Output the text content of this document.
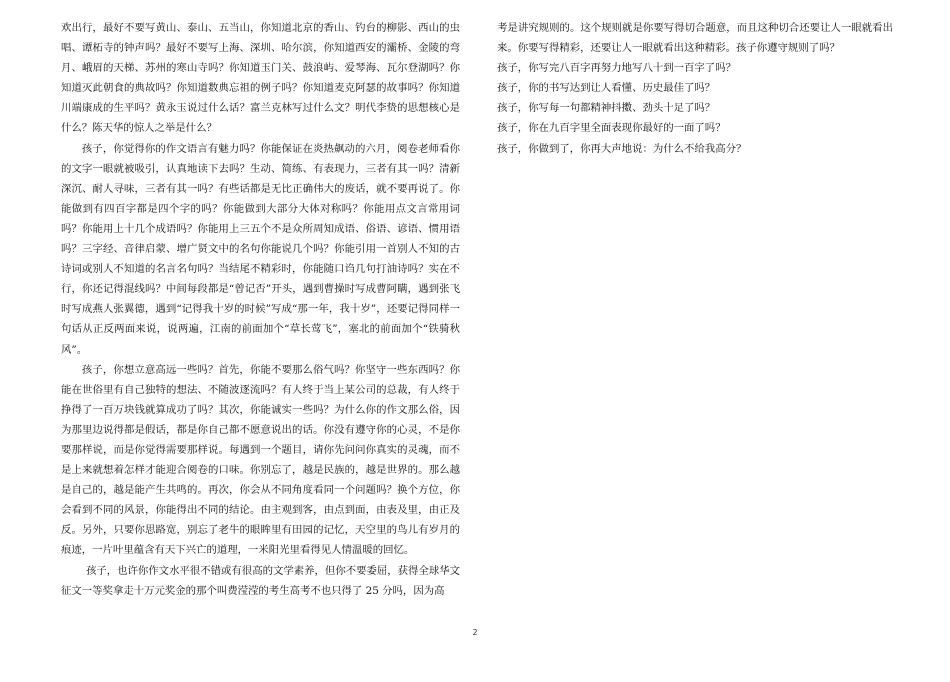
欢出行，最好不要写黄山、泰山、五当山，你知道北京的香山、钓台的柳影、西山的虫唱、谭柘寺的钟声吗？最好不要写上海、深圳、哈尔滨，你知道西安的灞桥、金陵的弯月、峨眉的天梯、苏州的寒山寺吗？你知道玉门关、鼓浪屿、爱琴海、瓦尔登湖吗？你知道灭此朝食的典故吗？你知道数典忘祖的例子吗？你知道麦克阿瑟的故事吗？你知道川端康成的生平吗？黄永玉说过什么话？富兰克林写过什么文？明代李贽的思想核心是什么？陈天华的惊人之举是什么？

孩子，你觉得你的作文语言有魅力吗？你能保证在炎热飙动的六月，阅卷老师看你的文字一眼就被吸引，认真地读下去吗？生动、简练、有表现力，三者有其一吗？清新深沉、耐人寻味，三者有其一吗？有些话都是无比正确伟大的废话，就不要再说了。你能做到有四百字都是四个字的吗？你能做到大部分大体对称吗？你能用点文言常用词吗？你能用上十几个成语吗？你能用上三五个不是众所周知成语、俗语、谚语、惯用语吗？三字经、音律启蒙、增广贤文中的名句你能说几个吗？你能引用一首别人不知的古诗词或别人不知道的名言名句吗？当结尾不精彩时，你能随口诌几句打油诗吗？实在不行，你还记得混线吗？中间每段都是“曾记否”开头，遇到曹操时写成曹阿瞒，遇到张飞时写成燕人张翼德，遇到“记得我十岁的时候”写成“那一年，我十岁”，还要记得同样一句话从正反两面来说，说两遍，江南的前面加个“草长莺飞”，塞北的前面加个“铁骑秋风”。

孩子，你想立意高远一些吗？首先，你能不要那么俗气吗？你坚守一些东西吗？你能在世俗里有自己独特的想法、不随波逐流吗？有人终于当上某公司的总裁，有人终于挣得了一百万块钱就算成功了吗？其次，你能诚实一些吗？为什么你的作文那么俗，因为那里边说得都是假话，都是你自己都不愿意说出的话。你没有遵守你的心灵，不是你要那样说，而是你觉得需要那样说。每遇到一个题目，请你先问问你真实的灵魂，而不是上来就想着怎样才能迎合阅卷的口味。你别忘了，越是民族的，越是世界的。那么越是自己的，越是能产生共鸣的。再次，你会从不同角度看同一个问题吗？换个方位，你会看到不同的风景，你能得出不同的结论。由主观到客，由点到面，由表及里，由正及反。另外，只要你思路宽，别忘了老牛的眼眸里有田园的记忆，天空里的鸟儿有岁月的痕迹，一片叶里蕴含有天下兴亡的道理，一米阳光里看得见人情温暖的回忆。

孩子，也许你作文水平很不错或有很高的文学素养，但你不要委屈，获得全球华文征文一等奖拿走十万元奖金的那个叫费滢滢的考生高考不也只得了 25 分吗，因为高

考是讲究规则的。这个规则就是你要写得切合题意，而且这种切合还要让人一眼就看出来。你要写得精彩，还要让人一眼就看出这种精彩。孩子你遵守规则了吗？

孩子，你写完八百字再努力地写八十到一百字了吗？

孩子，你的书写达到让人看懂、历史最佳了吗？

孩子，你写每一句都精神抖擞、劲头十足了吗？

孩子，你在九百字里全面表现你最好的一面了吗？

孩子，你做到了，你再大声地说：为什么不给我高分？

2
